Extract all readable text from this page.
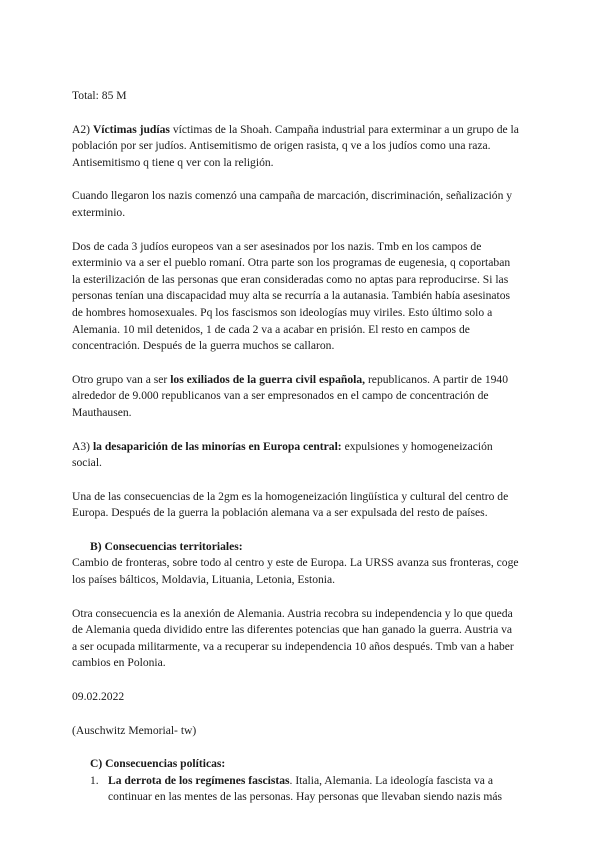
Total: 85 M

A2) Víctimas judías víctimas de la Shoah. Campaña industrial para exterminar a un grupo de la población por ser judíos. Antisemitismo de origen rasista, q ve a los judíos como una raza. Antisemitismo q tiene q ver con la religión.

Cuando llegaron los nazis comenzó una campaña de marcación, discriminación, señalización y exterminio.

Dos de cada 3 judíos europeos van a ser asesinados por los nazis. Tmb en los campos de exterminio va a ser el pueblo romaní. Otra parte son los programas de eugenesia, q coportaban la esterilización de las personas que eran consideradas como no aptas para reproducirse. Si las personas tenían una discapacidad muy alta se recurría a la autanasia. También había asesinatos de hombres homosexuales. Pq los fascismos son ideologías muy viriles. Esto último solo a Alemania. 10 mil detenidos, 1 de cada 2 va a acabar en prisión. El resto en campos de concentración. Después de la guerra muchos se callaron.

Otro grupo van a ser los exiliados de la guerra civil española, republicanos. A partir de 1940 alrededor de 9.000 republicanos van a ser empresonados en el campo de concentración de Mauthausen.

A3) la desaparición de las minorías en Europa central: expulsiones y homogeneización social.

Una de las consecuencias de la 2gm es la homogeneización lingüística y cultural del centro de Europa. Después de la guerra la población alemana va a ser expulsada del resto de países.

B) Consecuencias territoriales:

Cambio de fronteras, sobre todo al centro y este de Europa. La URSS avanza sus fronteras, coge los países bálticos, Moldavia, Lituania, Letonia, Estonia.

Otra consecuencia es la anexión de Alemania. Austria recobra su independencia y lo que queda de Alemania queda dividido entre las diferentes potencias que han ganado la guerra. Austria va a ser ocupada militarmente, va a recuperar su independencia 10 años después. Tmb van a haber cambios en Polonia.

09.02.2022

(Auschwitz Memorial- tw)

C) Consecuencias políticas:

1. La derrota de los regímenes fascistas. Italia, Alemania. La ideología fascista va a continuar en las mentes de las personas. Hay personas que llevaban siendo nazis más
